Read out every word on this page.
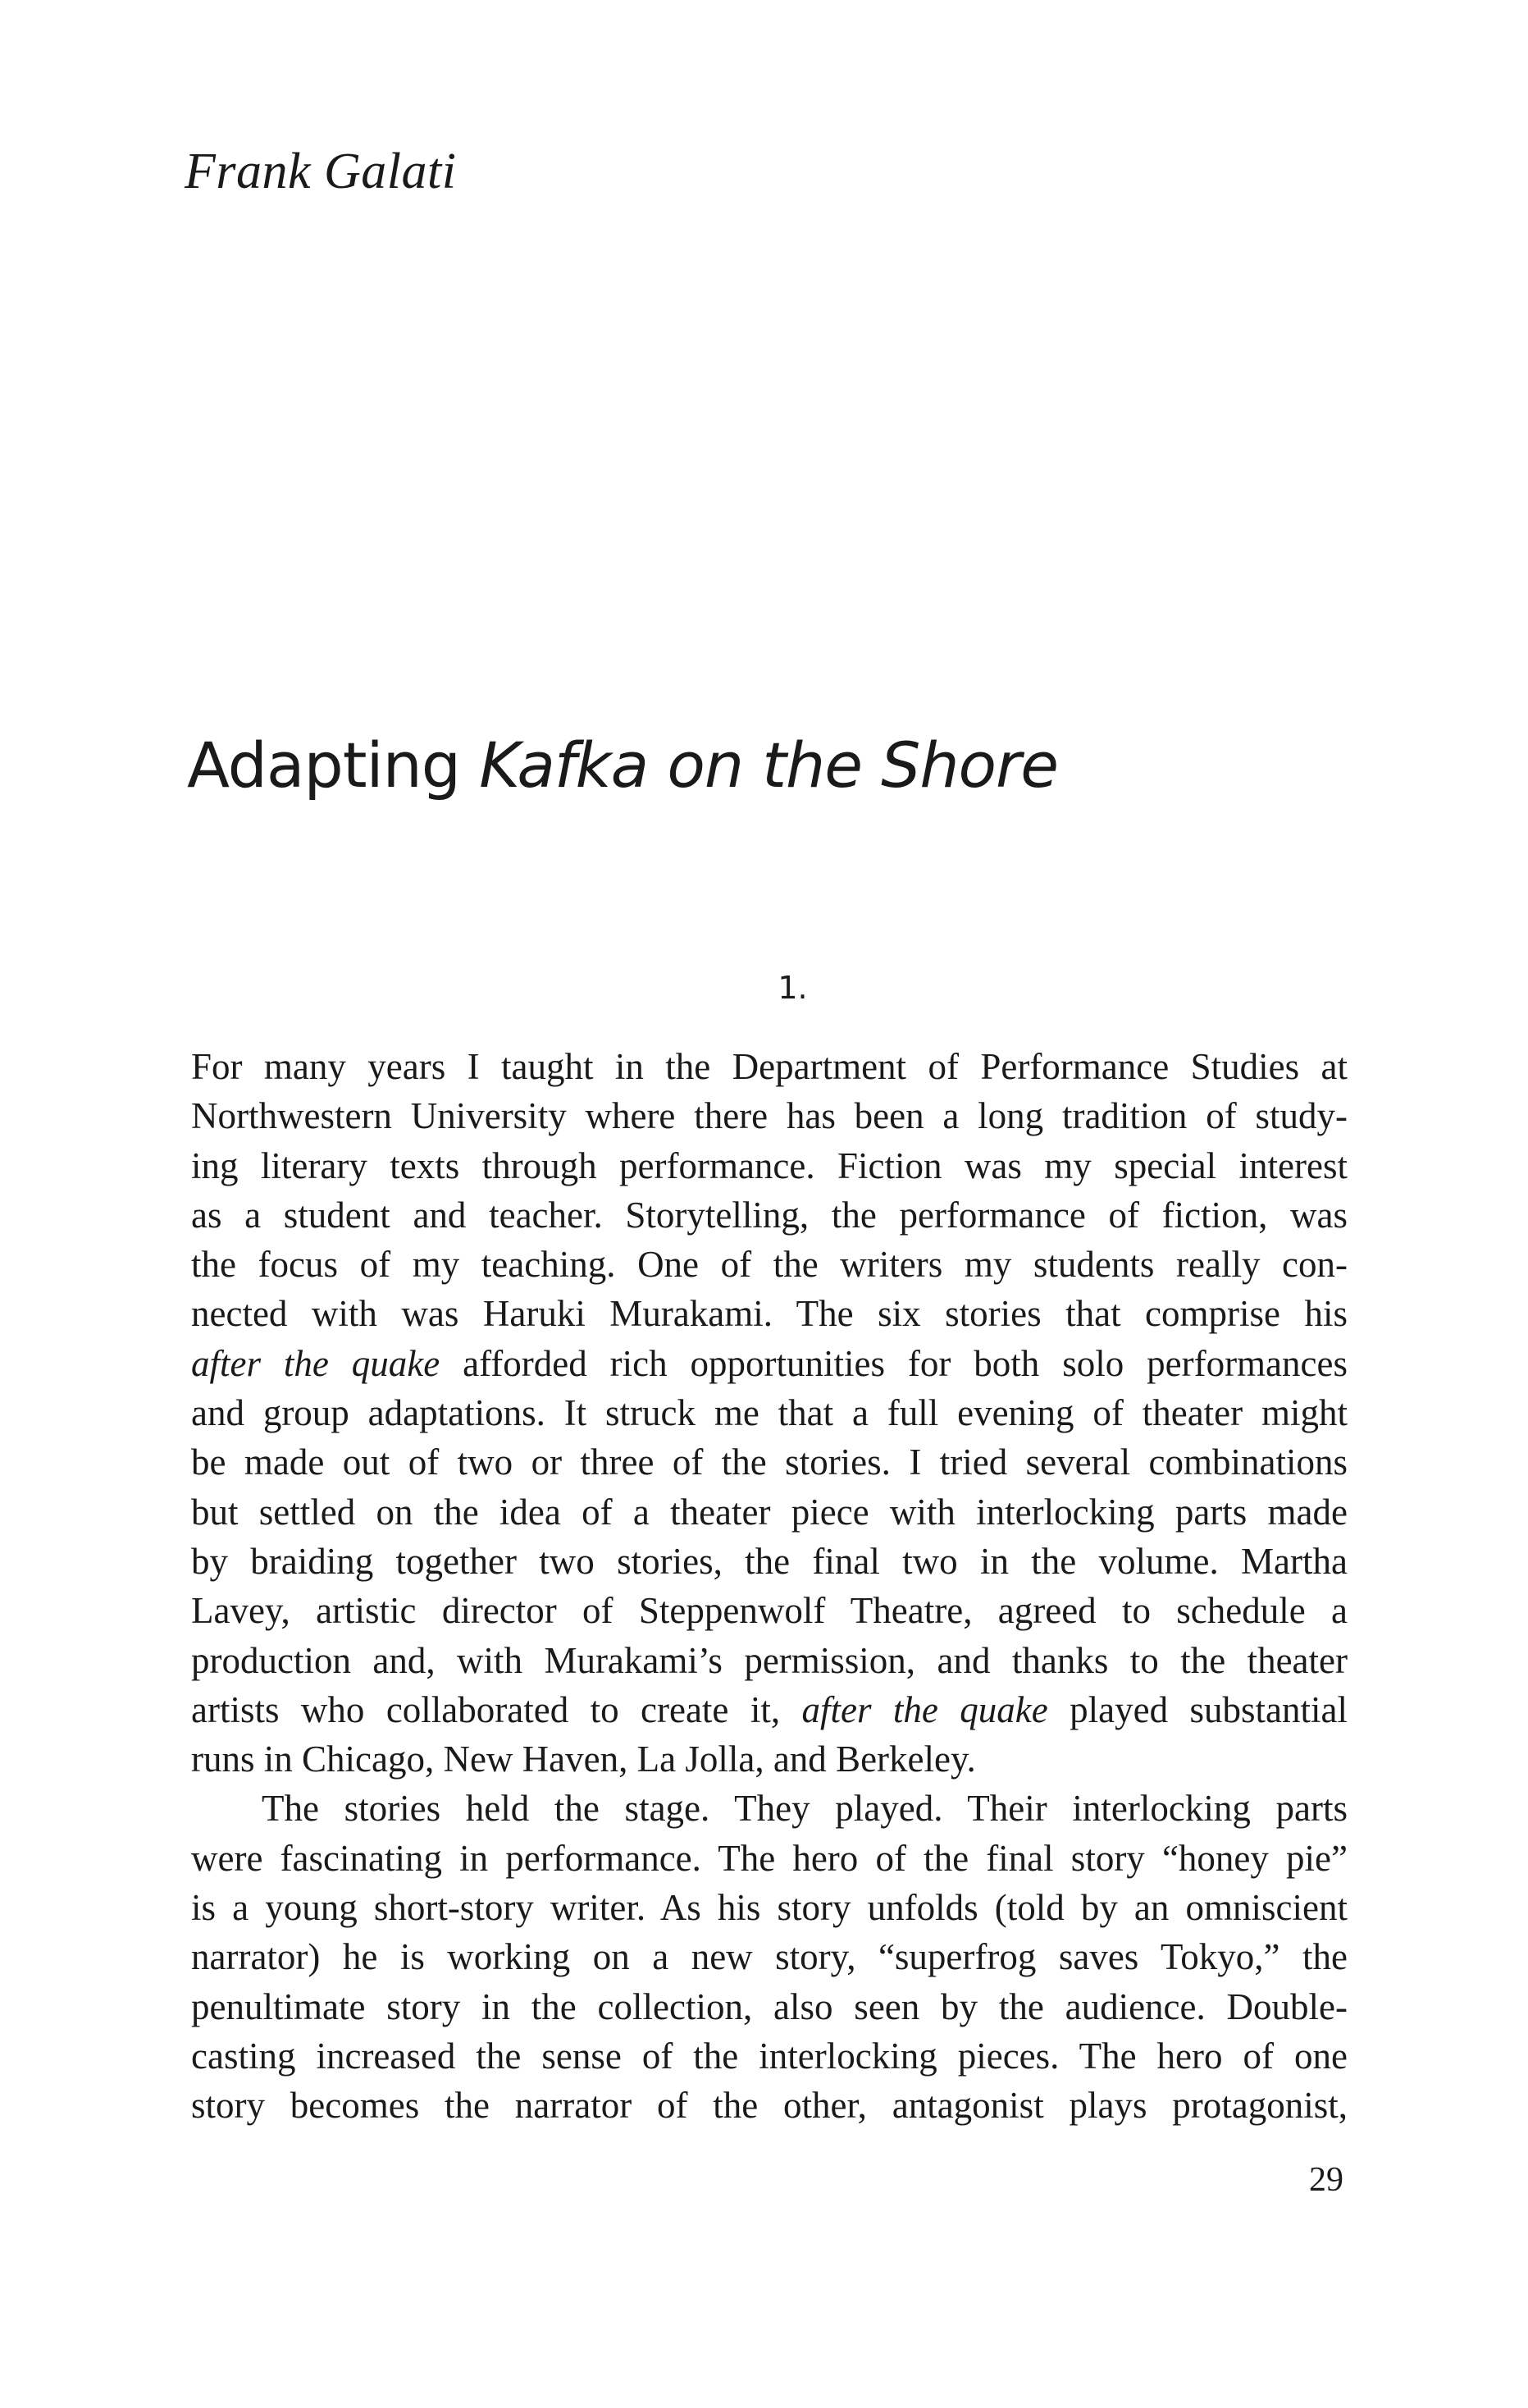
Frank Galati
Adapting Kafka on the Shore
1.
For many years I taught in the Department of Performance Studies at
Northwestern University where there has been a long tradition of study-
ing literary texts through performance. Fiction was my special interest
as a student and teacher. Storytelling, the performance of fiction, was
the focus of my teaching. One of the writers my students really con-
nected with was Haruki Murakami. The six stories that comprise his
after the quake afforded rich opportunities for both solo performances
and group adaptations. It struck me that a full evening of theater might
be made out of two or three of the stories. I tried several combinations
but settled on the idea of a theater piece with interlocking parts made
by braiding together two stories, the final two in the volume. Martha
Lavey, artistic director of Steppenwolf Theatre, agreed to schedule a
production and, with Murakami’s permission, and thanks to the theater
artists who collaborated to create it, after the quake played substantial
runs in Chicago, New Haven, La Jolla, and Berkeley.
The stories held the stage. They played. Their interlocking parts
were fascinating in performance. The hero of the final story “honey pie”
is a young short-story writer. As his story unfolds (told by an omniscient
narrator) he is working on a new story, “superfrog saves Tokyo,” the
penultimate story in the collection, also seen by the audience. Double-
casting increased the sense of the interlocking pieces. The hero of one
story becomes the narrator of the other, antagonist plays protagonist,
29
